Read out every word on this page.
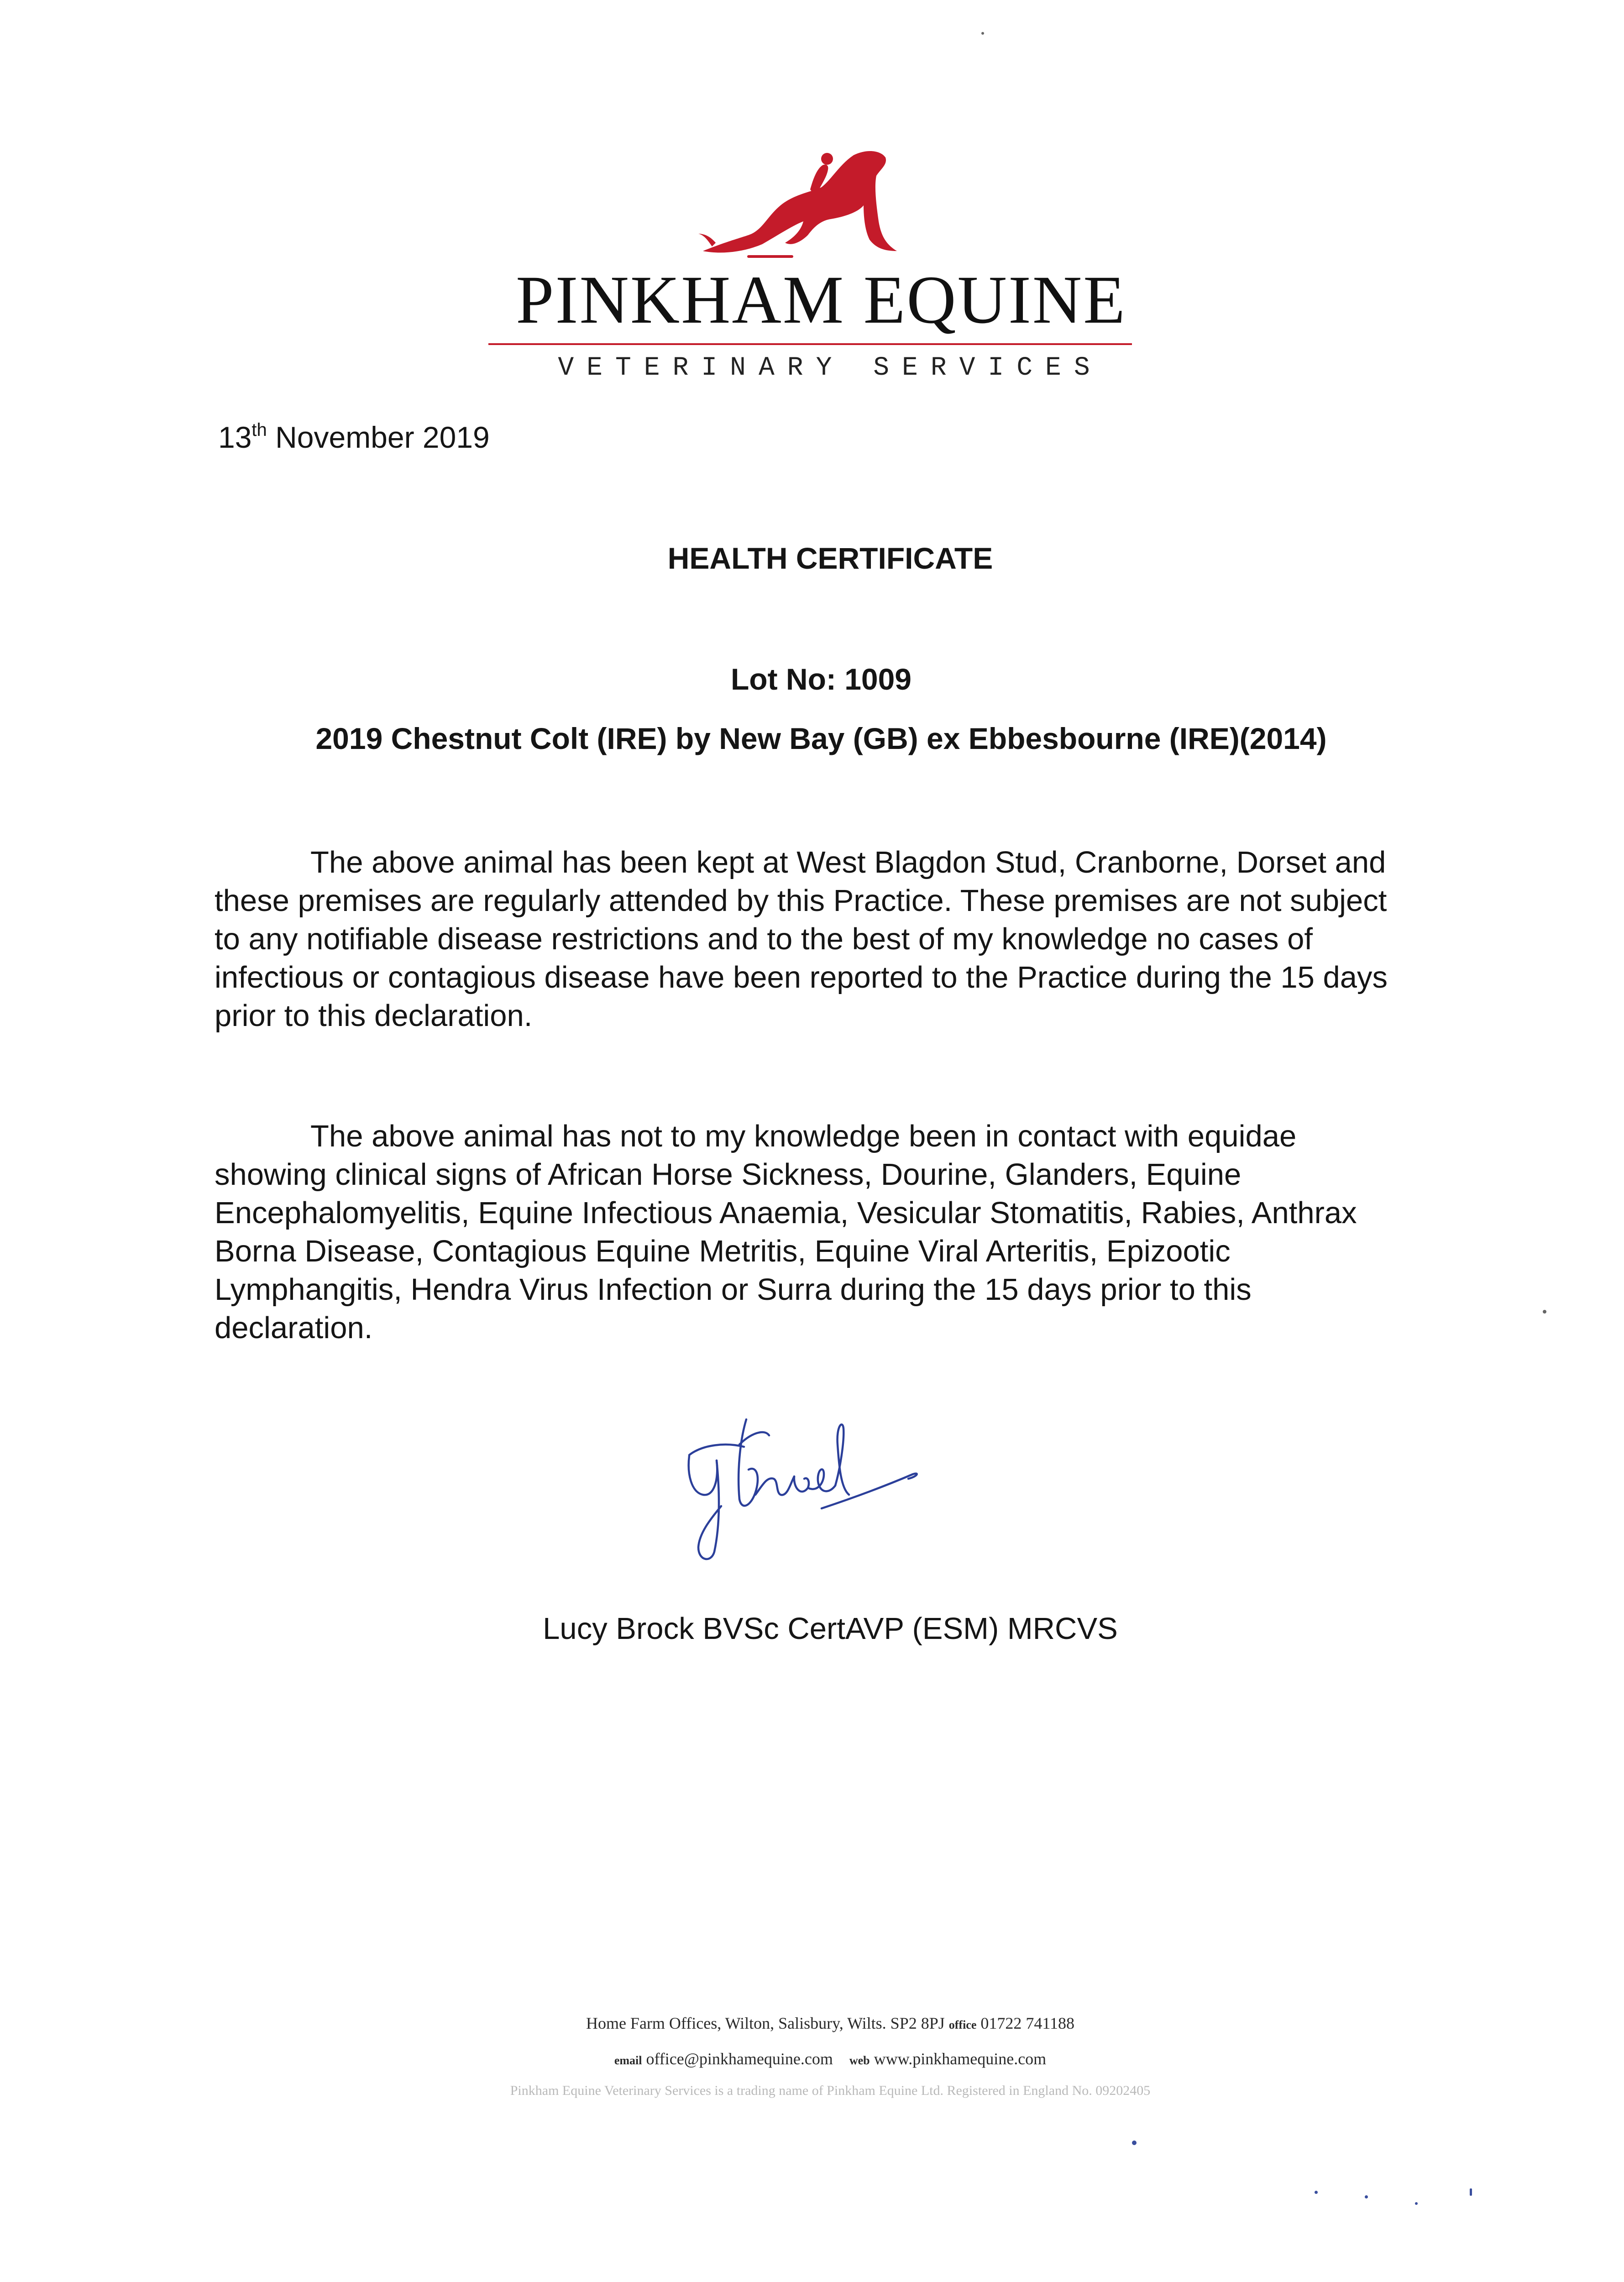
PINKHAM EQUINE
VETERINARY SERVICES
13th November 2019
HEALTH CERTIFICATE
Lot No: 1009
2019 Chestnut Colt (IRE) by New Bay (GB) ex Ebbesbourne (IRE)(2014)

The above animal has been kept at West Blagdon Stud, Cranborne, Dorset and these premises are regularly attended by this Practice. These premises are not subject to any notifiable disease restrictions and to the best of my knowledge no cases of infectious or contagious disease have been reported to the Practice during the 15 days prior to this declaration.

The above animal has not to my knowledge been in contact with equidae showing clinical signs of African Horse Sickness, Dourine, Glanders, Equine Encephalomyelitis, Equine Infectious Anaemia, Vesicular Stomatitis, Rabies, Anthrax Borna Disease, Contagious Equine Metritis, Equine Viral Arteritis, Epizootic Lymphangitis, Hendra Virus Infection or Surra during the 15 days prior to this declaration.

Lucy Brock BVSc CertAVP (ESM) MRCVS
Home Farm Offices, Wilton, Salisbury, Wilts. SP2 8PJ office 01722 741188
email office@pinkhamequine.com web www.pinkhamequine.com
Pinkham Equine Veterinary Services is a trading name of Pinkham Equine Ltd. Registered in England No. 09202405
